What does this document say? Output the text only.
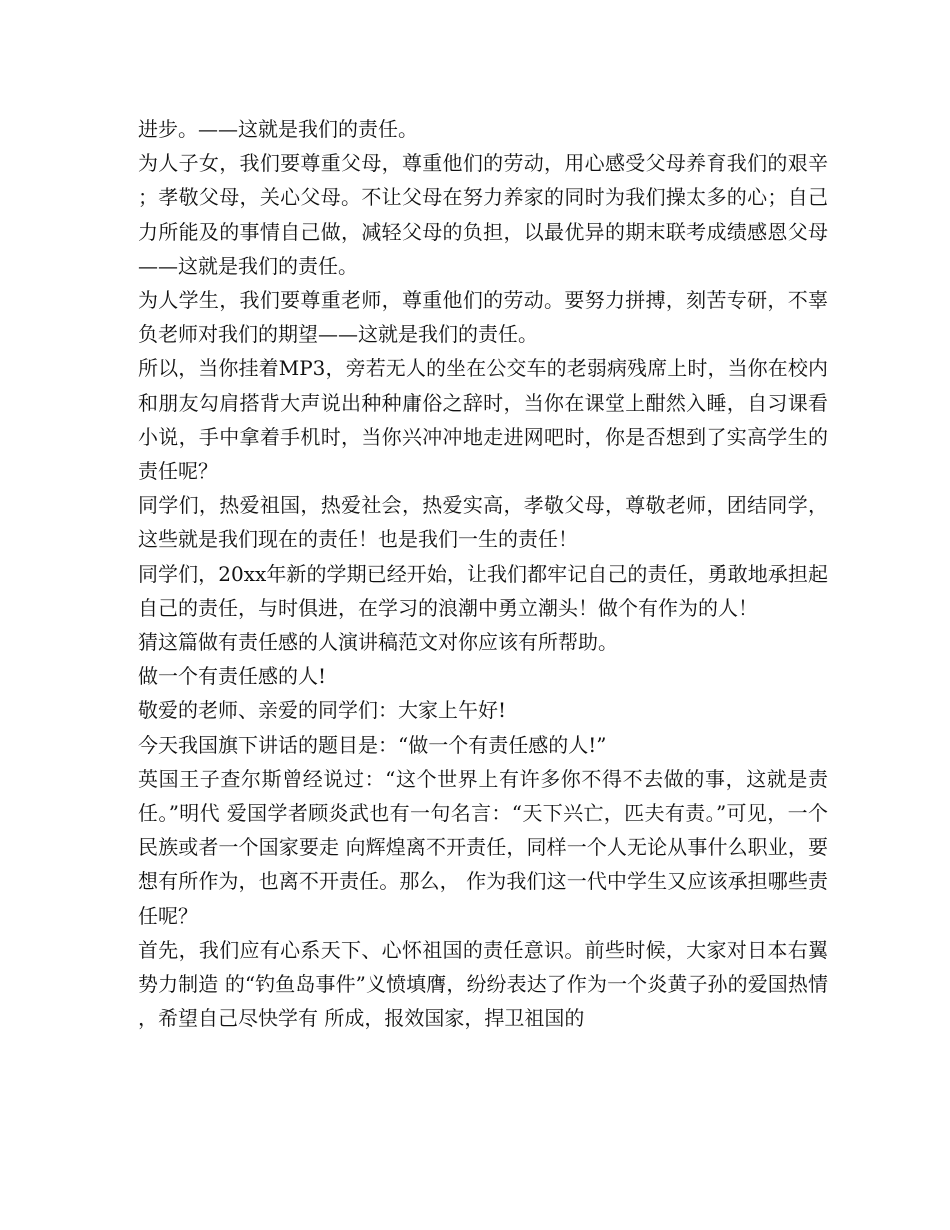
进步。——这就是我们的责任。

为人子女，我们要尊重父母，尊重他们的劳动，用心感受父母养育我们的艰辛；孝敬父母，关心父母。不让父母在努力养家的同时为我们操太多的心；自己力所能及的事情自己做，减轻父母的负担，以最优异的期末联考成绩感恩父母——这就是我们的责任。

为人学生，我们要尊重老师，尊重他们的劳动。要努力拼搏，刻苦专研，不辜负老师对我们的期望——这就是我们的责任。

所以，当你挂着MP3，旁若无人的坐在公交车的老弱病残席上时，当你在校内和朋友勾肩搭背大声说出种种庸俗之辞时，当你在课堂上酣然入睡，自习课看小说，手中拿着手机时，当你兴冲冲地走进网吧时，你是否想到了实高学生的责任呢？

同学们，热爱祖国，热爱社会，热爱实高，孝敬父母，尊敬老师，团结同学，这些就是我们现在的责任！也是我们一生的责任！

同学们，20xx年新的学期已经开始，让我们都牢记自己的责任，勇敢地承担起自己的责任，与时俱进，在学习的浪潮中勇立潮头！做个有作为的人！

猜这篇做有责任感的人演讲稿范文对你应该有所帮助。

做一个有责任感的人!

敬爱的老师、亲爱的同学们：大家上午好!

今天我国旗下讲话的题目是：“做一个有责任感的人!”

英国王子查尔斯曾经说过：“这个世界上有许多你不得不去做的事，这就是责任。”明代 爱国学者顾炎武也有一句名言：“天下兴亡，匹夫有责。”可见，一个民族或者一个国家要走 向辉煌离不开责任，同样一个人无论从事什么职业，要想有所作为，也离不开责任。那么， 作为我们这一代中学生又应该承担哪些责任呢？

首先，我们应有心系天下、心怀祖国的责任意识。前些时候，大家对日本右翼势力制造 的“钓鱼岛事件”义愤填膺，纷纷表达了作为一个炎黄子孙的爱国热情，希望自己尽快学有 所成，报效国家，捍卫祖国的
